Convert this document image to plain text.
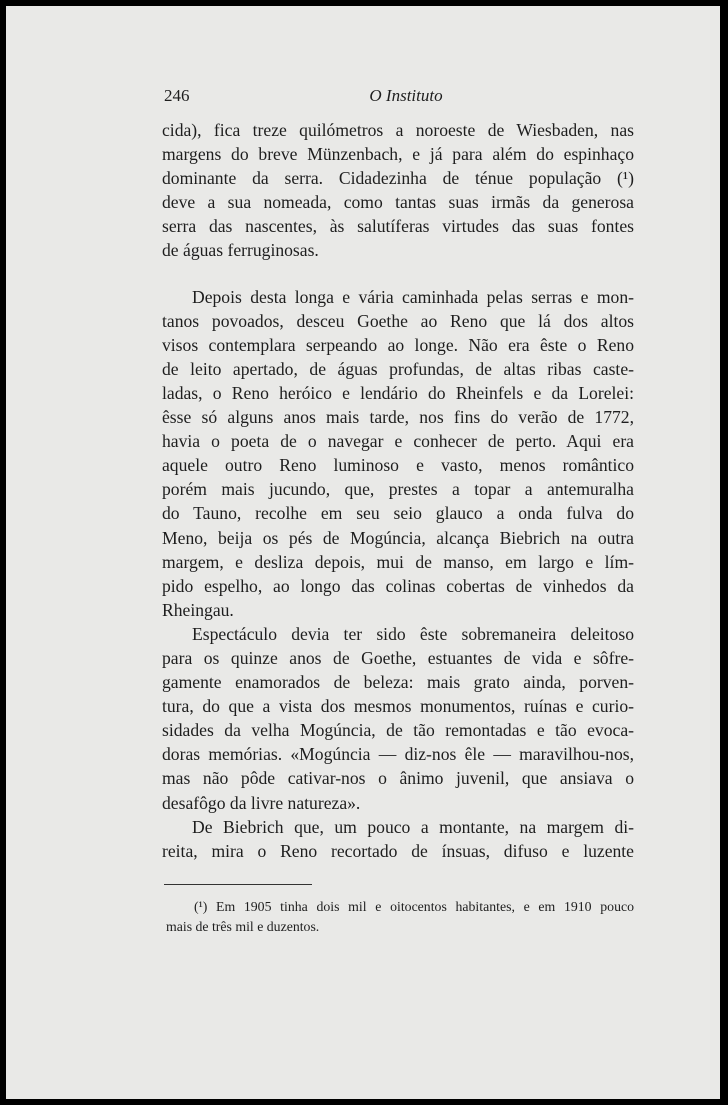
246	O Instituto
cida), fica treze quilómetros a noroeste de Wiesbaden, nas
margens do breve Münzenbach, e já para além do espinhaço
dominante da serra. Cidadezinha de ténue população (¹)
deve a sua nomeada, como tantas suas irmãs da generosa
serra das nascentes, às salutíferas virtudes das suas fontes
de águas ferruginosas.
Depois desta longa e vária caminhada pelas serras e mon-
tanos povoados, desceu Goethe ao Reno que lá dos altos
visos contemplara serpeando ao longe. Não era êste o Reno
de leito apertado, de águas profundas, de altas ribas caste-
ladas, o Reno heróico e lendário do Rheinfels e da Lorelei:
êsse só alguns anos mais tarde, nos fins do verão de 1772,
havia o poeta de o navegar e conhecer de perto. Aqui era
aquele outro Reno luminoso e vasto, menos romântico
porém mais jucundo, que, prestes a topar a antemuralha
do Tauno, recolhe em seu seio glauco a onda fulva do
Meno, beija os pés de Mogúncia, alcança Biebrich na outra
margem, e desliza depois, mui de manso, em largo e lím-
pido espelho, ao longo das colinas cobertas de vinhedos da
Rheingau.
Espectáculo devia ter sido êste sobremaneira deleitoso
para os quinze anos de Goethe, estuantes de vida e sôfre-
gamente enamorados de beleza: mais grato ainda, porven-
tura, do que a vista dos mesmos monumentos, ruínas e curio-
sidades da velha Mogúncia, de tão remontadas e tão evoca-
doras memórias. «Mogúncia — diz-nos êle — maravilhou-nos,
mas não pôde cativar-nos o ânimo juvenil, que ansiava o
desafôgo da livre natureza».
De Biebrich que, um pouco a montante, na margem di-
reita, mira o Reno recortado de ínsuas, difuso e luzente
(¹) Em 1905 tinha dois mil e oitocentos habitantes, e em 1910 pouco
mais de três mil e duzentos.
